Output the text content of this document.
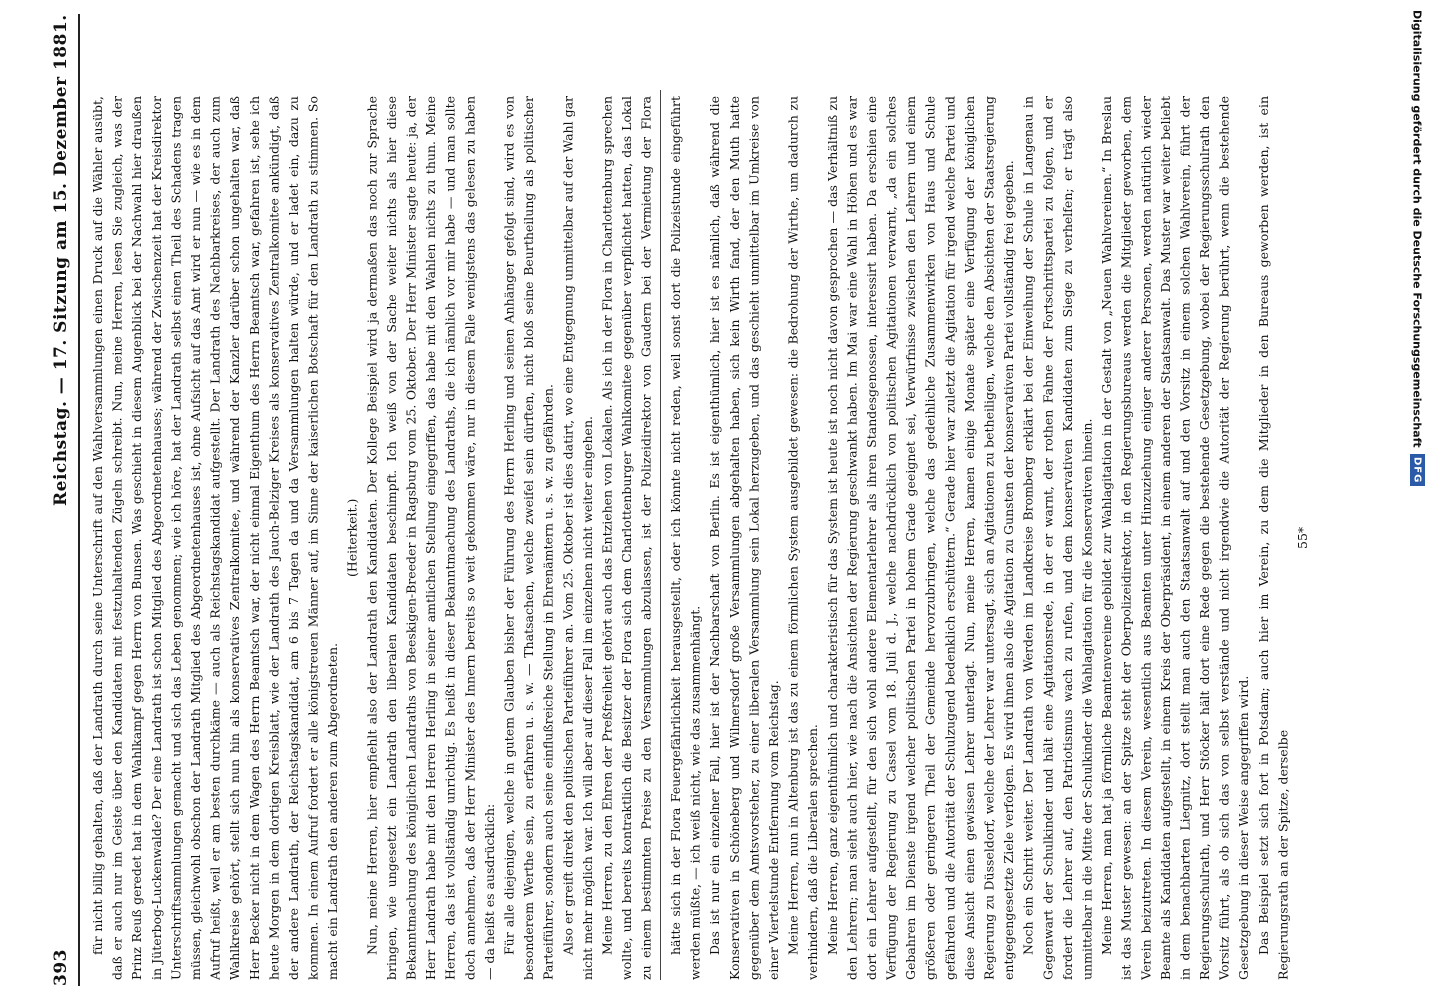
393
Reichstag. — 17. Sitzung am 15. Dezember 1881. für nicht billig gehalten, daß der Landrath durch seine Unterschrift auf den Wahlversammlungen einen Druck auf die Wähler ausübt, daß er auch nur im Geiste über den Kandidaten mit festzuhaltenden Zügeln schreibt. Nun, meine Herren, lesen Sie zugleich, was der Prinz Reuß geredet hat in dem Wahlkampf gegen Herrn von Bunsen. Was geschieht in diesem Augenblick bei der Nachwahl hier draußen in Jüterbog-Luckenwalde? Der eine Landrath ist schon Mitglied des Abgeordnetenhauses; während der Zwischenzeit hat der Kreisdirektor Unterschriftsammlungen gemacht und sich das Leben genommen; wie ich höre, hat der Landrath selbst einen Theil des Schadens tragen müssen, gleichwohl obschon der Landrath Mitglied des Abgeordnetenhauses ist, ohne Aufsicht auf das Amt wird er nun — wie es in dem Aufruf heißt, weil er am besten durchkäme — auch als Reichstagskandidat aufgestellt. Der Landrath des Nachbarkreises, der auch zum Wahlkreise gehört, stellt sich nun hin als konservatives Zentralkomitee, und während der Kanzler darüber schon ungehalten war, daß Herr Becker nicht in dem Wagen des Herrn Beamtsch war, der nicht einmal Eigenthum des Herrn Beamtsch war, gefahren ist, sehe ich heute Morgen in dem dortigen Kreisblatt, wie der Landrath des Jauch-Belziger Kreises als konservatives Zentralkomitee ankündigt, daß der andere Landrath, der Reichstagskandidat, am 6 bis 7 Tagen da und da Versammlungen halten würde, und er ladet ein, dazu zu kommen. In einem Aufruf fordert er alle königstreuen Männer auf, im Sinne der kaiserlichen Botschaft für den Landrath zu stimmen. So macht ein Landrath den anderen zum Abgeordneten.

(Heiterkeit.) Nun, meine Herren, hier empfiehlt also der Landrath den Kandidaten. Der Kollege Beispiel wird ja dermaßen das noch zur Sprache bringen, wie ungesetzt ein Landrath den liberalen Kandidaten beschimpft. Ich weiß von der Sache weiter nichts als hier diese Bekanntmachung des königlichen Landraths von Beeskigen-Breeder in Ragsburg vom 25. Oktober. Der Herr Minister sagte heute: ja, der Herr Landrath habe mit den Herren Herling in seiner amtlichen Stellung eingegriffen, das habe mit den Wahlen nichts zu thun. Meine Herren, das ist vollständig unrichtig. Es heißt in dieser Bekanntmachung des Landraths, die ich nämlich vor mir habe — und man sollte doch annehmen, daß der Herr Minister des Innern bereits so weit gekommen wäre, nur in diesem Falle wenigstens das gelesen zu haben — da heißt es ausdrücklich: Für alle diejenigen, welche in gutem Glauben bisher der Führung des Herrn Herling und seinen Anhänger gefolgt sind, wird es von besonderem Werthe sein, zu erfahren u. s. w. — Thatsachen, welche zweifel sein dürften, nicht bloß seine Beurtheilung als politischer Parteiführer, sondern auch seine einflußreiche Stellung in Ehrenämtern u. s. w. zu gefährden. Also er greift direkt den politischen Parteiführer an. Vom 25. Oktober ist dies datirt, wo eine Entgegnung unmittelbar auf der Wahl gar nicht mehr möglich war. Ich will aber auf dieser Fall im einzelnen nicht weiter eingehen. Meine Herren, zu den Ehren der Preßfreiheit gehört auch das Entziehen von Lokalen. Als ich in der Flora in Charlottenburg sprechen wollte, und bereits kontraktlich die Besitzer der Flora sich dem Charlottenburger Wahlkomitee gegenüber verpflichtet hatten, das Lokal zu einem bestimmten Preise zu den Versammlungen abzulassen, ist der Polizeidirektor von Gaudern bei der Vermietung der Flora	hätte sich in der Flora Feuergefährlichkeit herausgestellt, oder ich könnte nicht reden, weil sonst dort die Polizeistunde eingeführt werden müßte, — ich weiß nicht, wie das zusammenhängt. Das ist nur ein einzelner Fall, hier ist der Nachbarschaft von Berlin. Es ist eigenthümlich, hier ist es nämlich, daß während die Konservativen in Schöneberg und Wilmersdorf große Versammlungen abgehalten haben, sich kein Wirth fand, der den Muth hatte gegenüber dem Amtsvorsteher, zu einer liberalen Versammlung sein Lokal herzugeben, und das geschieht unmittelbar im Umkreise von einer Viertelstunde Entfernung vom Reichstag. Meine Herren, nun in Altenburg ist das zu einem förmlichen System ausgebildet gewesen: die Bedrohung der Wirthe, um dadurch zu verhindern, daß die Liberalen sprechen. Meine Herren, ganz eigenthümlich und charakteristisch für das System ist heute ist noch nicht davon gesprochen — das Verhältniß zu den Lehrern; man sieht auch hier, wie nach die Ansichten der Regierung geschwankt haben. Im Mai war eine Wahl in Höhen und es war dort ein Lehrer aufgestellt, für den sich wohl andere Elementarlehrer als ihren Standesgenossen, interessirt haben. Da erschien eine Verfügung der Regierung zu Cassel vom 18. Juli d. J., welche nachdrücklich von politischen Agitationen verwarnt, „da ein solches Gebahren im Dienste irgend welcher politischen Partei in hohem Grade geeignet sei, Verwürfnisse zwischen den Lehrern und einem größeren oder geringeren Theil der Gemeinde hervorzubringen, welche das gedeihliche Zusammenwirken von Haus und Schule gefährden und die Autorität der Schulzugend bedenklich erschüttern.“ Gerade hier war zuletzt die Agitation für irgend welche Partei und diese Ansicht einen gewissen Lehrer unterlagt. Nun, meine Herren, kamen einige Monate später eine Verfügung der königlichen Regierung zu Düsseldorf, welche der Lehrer war untersagt, sich an Agitationen zu betheiligen, welche den Absichten der Staatsregierung entgegengesetzte Ziele verfolgen. Es wird ihnen also die Agitation zu Gunsten der konservativen Partei vollständig frei gegeben. Noch ein Schritt weiter. Der Landrath von Werden im Landkreise Bromberg erklärt bei der Einweihung der Schule in Langenau in Gegenwart der Schulkinder und hält eine Agitationsrede, in der er warnt, der rothen Fahne der Fortschrittspartei zu folgen, und er fordert die Lehrer auf, den Patriotismus wach zu rufen, und dem konservativen Kandidaten zum Siege zu verhelfen; er trägt also unmittelbar in die Mitte der Schulkinder die Wahlagitation für die Konservativen hinein. Meine Herren, man hat ja förmliche Beamtenvereine gebildet zur Wahlagitation in der Gestalt von „Neuen Wahlvereinen.“ In Breslau ist das Muster gewesen: an der Spitze steht der Oberpolizeidirektor, in den Regierungsbureaus werden die Mitglieder geworben, dem Verein beizutreten. In diesem Verein, wesentlich aus Beamten unter Hinzuziehung einiger anderer Personen, werden natürlich wieder Beamte als Kandidaten aufgestellt, in einem Kreis der Oberpräsident, in einem anderen der Staatsanwalt. Das Muster war weiter beliebt in dem benachbarten Liegnitz, dort stellt man auch den Staatsanwalt auf und den Vorsitz in einem solchen Wahlverein, führt der Regierungsschulrath, und Herr Stöcker hält dort eine Rede gegen die bestehende Gesetzgebung, wobei der Regierungsschulrath den Vorsitz führt, als ob sich das von selbst verstände und nicht irgendwie die Autorität der Regierung berührt, wenn die bestehende Gesetzgebung in dieser Weise angegriffen wird. Das Beispiel setzt sich fort in Potsdam; auch hier im Verein, zu dem die Mitglieder in den Bureaus geworben werden, ist ein Regierungsrath an der Spitze, derselbe

55*

Digitalisierung gefördert durch die Deutsche Forschungsgemeinschaft
DFG
